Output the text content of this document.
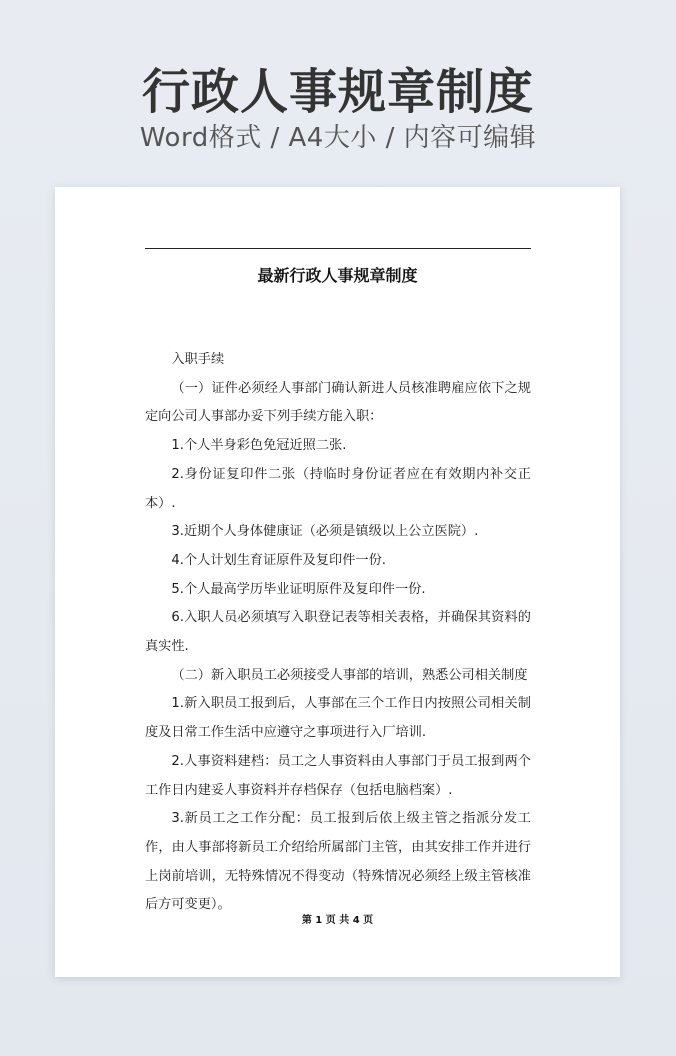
行政人事规章制度
Word格式 / A4大小 / 内容可编辑
最新行政人事规章制度

入职手续

（一）证件必须经人事部门确认新进人员核准聘雇应依下之规定向公司人事部办妥下列手续方能入职：

1.个人半身彩色免冠近照二张.

2.身份证复印件二张（持临时身份证者应在有效期内补交正本）.

3.近期个人身体健康证（必须是镇级以上公立医院）.

4.个人计划生育证原件及复印件一份.

5.个人最高学历毕业证明原件及复印件一份.

6.入职人员必须填写入职登记表等相关表格，并确保其资料的真实性.

（二）新入职员工必须接受人事部的培训，熟悉公司相关制度

1.新入职员工报到后，人事部在三个工作日内按照公司相关制度及日常工作生活中应遵守之事项进行入厂培训.

2.人事资料建档：员工之人事资料由人事部门于员工报到两个工作日内建妥人事资料并存档保存（包括电脑档案）.

3.新员工之工作分配：员工报到后依上级主管之指派分发工作，由人事部将新员工介绍给所属部门主管，由其安排工作并进行上岗前培训，无特殊情况不得变动（特殊情况必须经上级主管核准后方可变更）。

第 1 页 共 4 页
